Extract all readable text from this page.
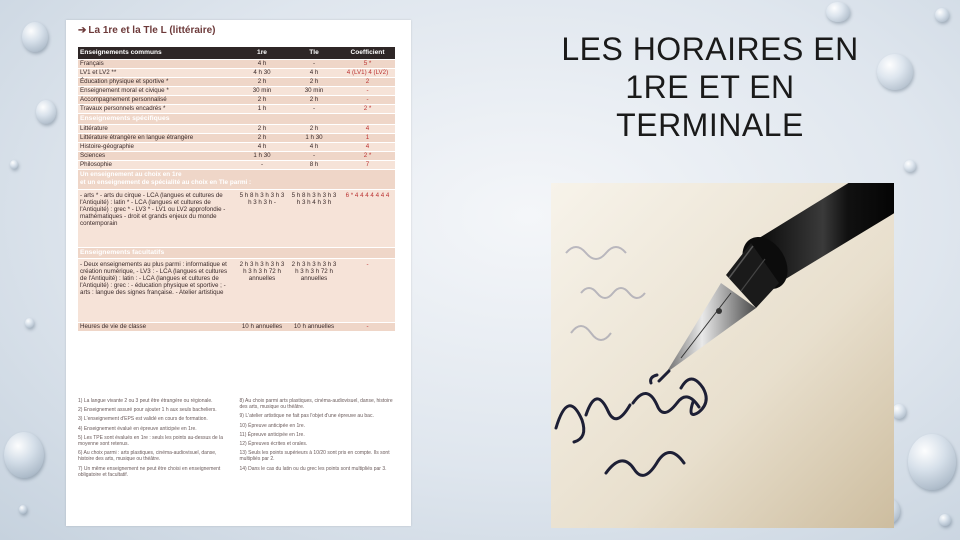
➔ La 1re et la Tle L (littéraire)
Enseignements communs	1re	Tle	Coefficient
Français	4 h	-	5 *
LV1 et LV2 **	4 h 30	4 h	4 (LV1) 4 (LV2)
Éducation physique et sportive *	2 h	2 h	2
Enseignement moral et civique *	30 min	30 min	-
Accompagnement personnalisé	2 h	2 h	-
Travaux personnels encadrés *	1 h	-	2 *
Enseignements spécifiques			
Littérature	2 h	2 h	4
Littérature étrangère en langue étrangère	2 h	1 h 30	1
Histoire-géographie	4 h	4 h	4
Sciences	1 h 30	-	2 *
Philosophie	-	8 h	7

Un enseignement au choix en 1re
et un enseignement de spécialité au choix en Tle parmi :			

- arts * - arts du cirque - LCA (langues et cultures de l'Antiquité) : latin * - LCA (langues et cultures de l'Antiquité) : grec * - LV3 * - LV1 ou LV2 approfondie - mathématiques - droit et grands enjeux du monde contemporain	5 h 8 h 3 h 3 h 3 h 3 h 3 h -	5 h 8 h 3 h 3 h 3 h 3 h 4 h 3 h	6 * 4 4 4 4 4 4 4
Enseignements facultatifs			
- Deux enseignements au plus parmi : informatique et création numérique, - LV3 : - LCA (langues et cultures de l'Antiquité) : latin : - LCA (langues et cultures de l'Antiquité) : grec : - éducation physique et sportive ; - arts : langue des signes française. - Atelier artistique	2 h 3 h 3 h 3 h 3 h 3 h 3 h 72 h annuelles	2 h 3 h 3 h 3 h 3 h 3 h 3 h 72 h annuelles	-
Heures de vie de classe	10 h annuelles	10 h annuelles	-

1) La langue vivante 2 ou 3 peut être étrangère ou régionale.

2) Enseignement assuré pour ajouter 1 h aux seuls bacheliers.

3) L'enseignement d'EPS est validé en cours de formation.

4) Enseignement évalué en épreuve anticipée en 1re.

5) Les TPE sont évalués en 1re : seuls les points au-dessus de la moyenne sont retenus.

6) Au choix parmi : arts plastiques, cinéma-audiovisuel, danse, histoire des arts, musique ou théâtre.

7) Un même enseignement ne peut être choisi en enseignement obligatoire et facultatif.

8) Au choix parmi arts plastiques, cinéma-audiovisuel, danse, histoire des arts, musique ou théâtre.

9) L'atelier artistique ne fait pas l'objet d'une épreuve au bac.

10) Épreuve anticipée en 1re.

11) Épreuve anticipée en 1re.

12) Épreuves écrites et orales.

13) Seuls les points supérieurs à 10/20 sont pris en compte. Ils sont multipliés par 2.

14) Dans le cas du latin ou du grec les points sont multipliés par 3.

LES HORAIRES EN
1RE ET EN
TERMINALE
